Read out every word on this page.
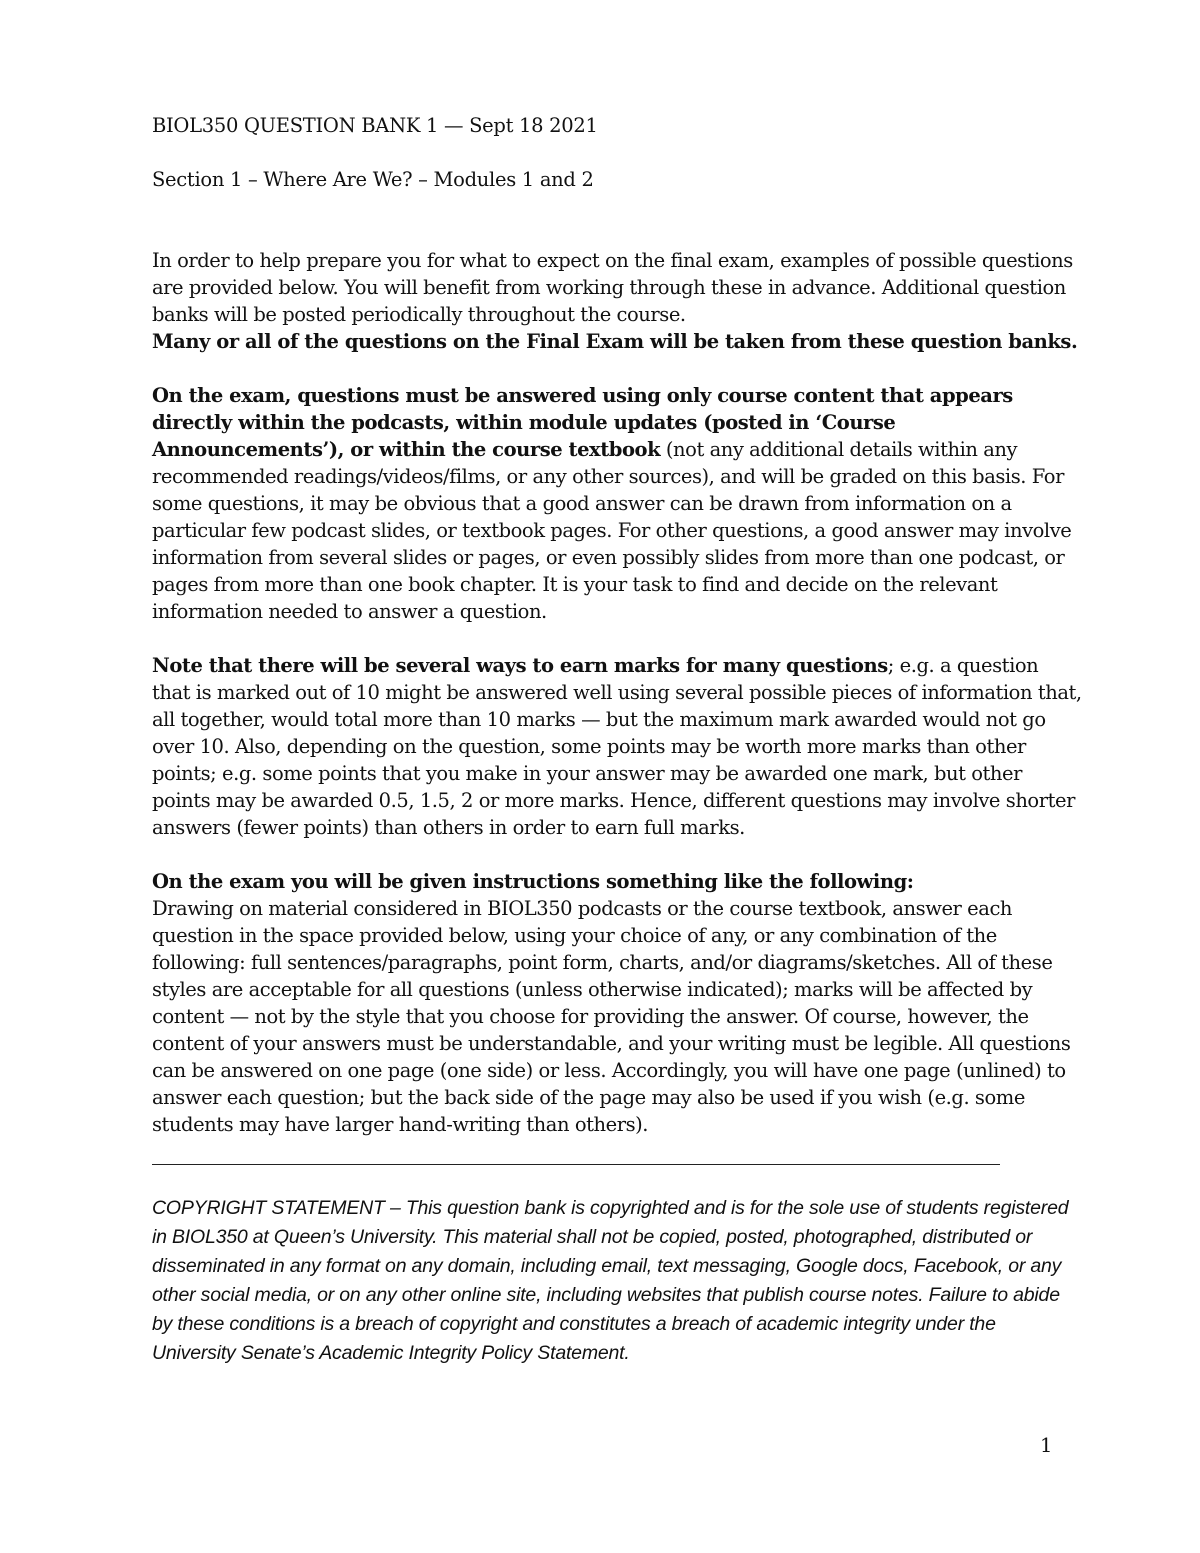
BIOL350 QUESTION BANK 1 — Sept 18 2021

Section 1 – Where Are We? – Modules 1 and 2

In order to help prepare you for what to expect on the final exam, examples of possible questions are provided below. You will benefit from working through these in advance. Additional question banks will be posted periodically throughout the course.
Many or all of the questions on the Final Exam will be taken from these question banks.

On the exam, questions must be answered using only course content that appears directly within the podcasts, within module updates (posted in ‘Course Announcements’), or within the course textbook (not any additional details within any recommended readings/videos/films, or any other sources), and will be graded on this basis. For some questions, it may be obvious that a good answer can be drawn from information on a particular few podcast slides, or textbook pages. For other questions, a good answer may involve information from several slides or pages, or even possibly slides from more than one podcast, or pages from more than one book chapter. It is your task to find and decide on the relevant information needed to answer a question.

Note that there will be several ways to earn marks for many questions; e.g. a question that is marked out of 10 might be answered well using several possible pieces of information that, all together, would total more than 10 marks — but the maximum mark awarded would not go over 10. Also, depending on the question, some points may be worth more marks than other points; e.g. some points that you make in your answer may be awarded one mark, but other points may be awarded 0.5, 1.5, 2 or more marks. Hence, different questions may involve shorter answers (fewer points) than others in order to earn full marks.

On the exam you will be given instructions something like the following:
Drawing on material considered in BIOL350 podcasts or the course textbook, answer each question in the space provided below, using your choice of any, or any combination of the following: full sentences/paragraphs, point form, charts, and/or diagrams/sketches. All of these styles are acceptable for all questions (unless otherwise indicated); marks will be affected by content — not by the style that you choose for providing the answer. Of course, however, the content of your answers must be understandable, and your writing must be legible. All questions can be answered on one page (one side) or less. Accordingly, you will have one page (unlined) to answer each question; but the back side of the page may also be used if you wish (e.g. some students may have larger hand-writing than others).

COPYRIGHT STATEMENT – This question bank is copyrighted and is for the sole use of students registered in BIOL350 at Queen’s University. This material shall not be copied, posted, photographed, distributed or disseminated in any format on any domain, including email, text messaging, Google docs, Facebook, or any other social media, or on any other online site, including websites that publish course notes. Failure to abide by these conditions is a breach of copyright and constitutes a breach of academic integrity under the University Senate’s Academic Integrity Policy Statement.

1
